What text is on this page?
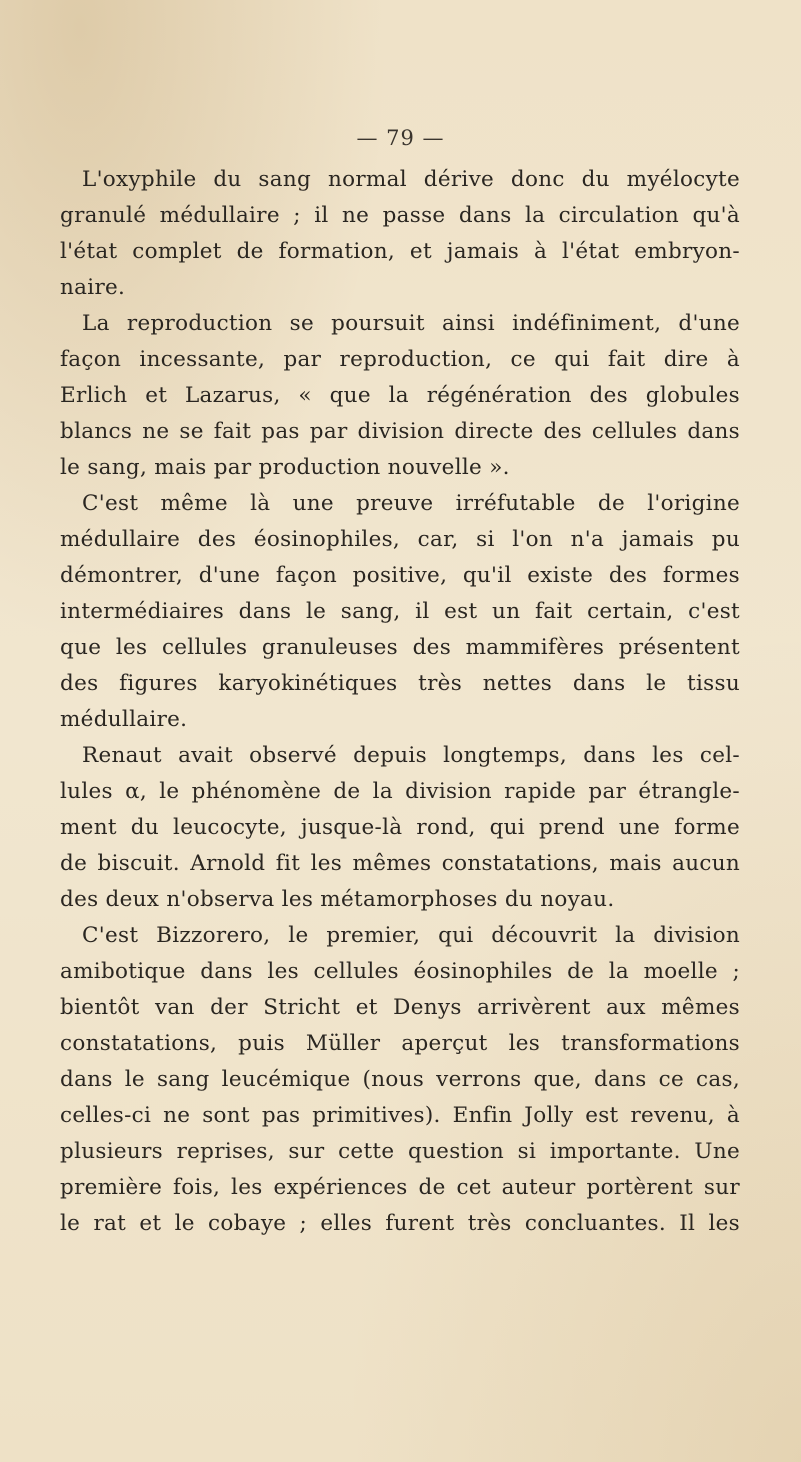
— 79 —
L'oxyphile du sang normal dérive donc du myélocyte
granulé médullaire ; il ne passe dans la circulation qu'à
l'état complet de formation, et jamais à l'état embryon-
naire.
La reproduction se poursuit ainsi indéfiniment, d'une
façon incessante, par reproduction, ce qui fait dire à
Erlich et Lazarus, « que la régénération des globules
blancs ne se fait pas par division directe des cellules dans
le sang, mais par production nouvelle ».
C'est même là une preuve irréfutable de l'origine
médullaire des éosinophiles, car, si l'on n'a jamais pu
démontrer, d'une façon positive, qu'il existe des formes
intermédiaires dans le sang, il est un fait certain, c'est
que les cellules granuleuses des mammifères présentent
des figures karyokinétiques très nettes dans le tissu
médullaire.
Renaut avait observé depuis longtemps, dans les cel-
lules α, le phénomène de la division rapide par étrangle-
ment du leucocyte, jusque-là rond, qui prend une forme
de biscuit. Arnold fit les mêmes constatations, mais aucun
des deux n'observa les métamorphoses du noyau.
C'est Bizzorero, le premier, qui découvrit la division
amibotique dans les cellules éosinophiles de la moelle ;
bientôt van der Stricht et Denys arrivèrent aux mêmes
constatations, puis Müller aperçut les transformations
dans le sang leucémique (nous verrons que, dans ce cas,
celles-ci ne sont pas primitives). Enfin Jolly est revenu, à
plusieurs reprises, sur cette question si importante. Une
première fois, les expériences de cet auteur portèrent sur
le rat et le cobaye ; elles furent très concluantes. Il les
